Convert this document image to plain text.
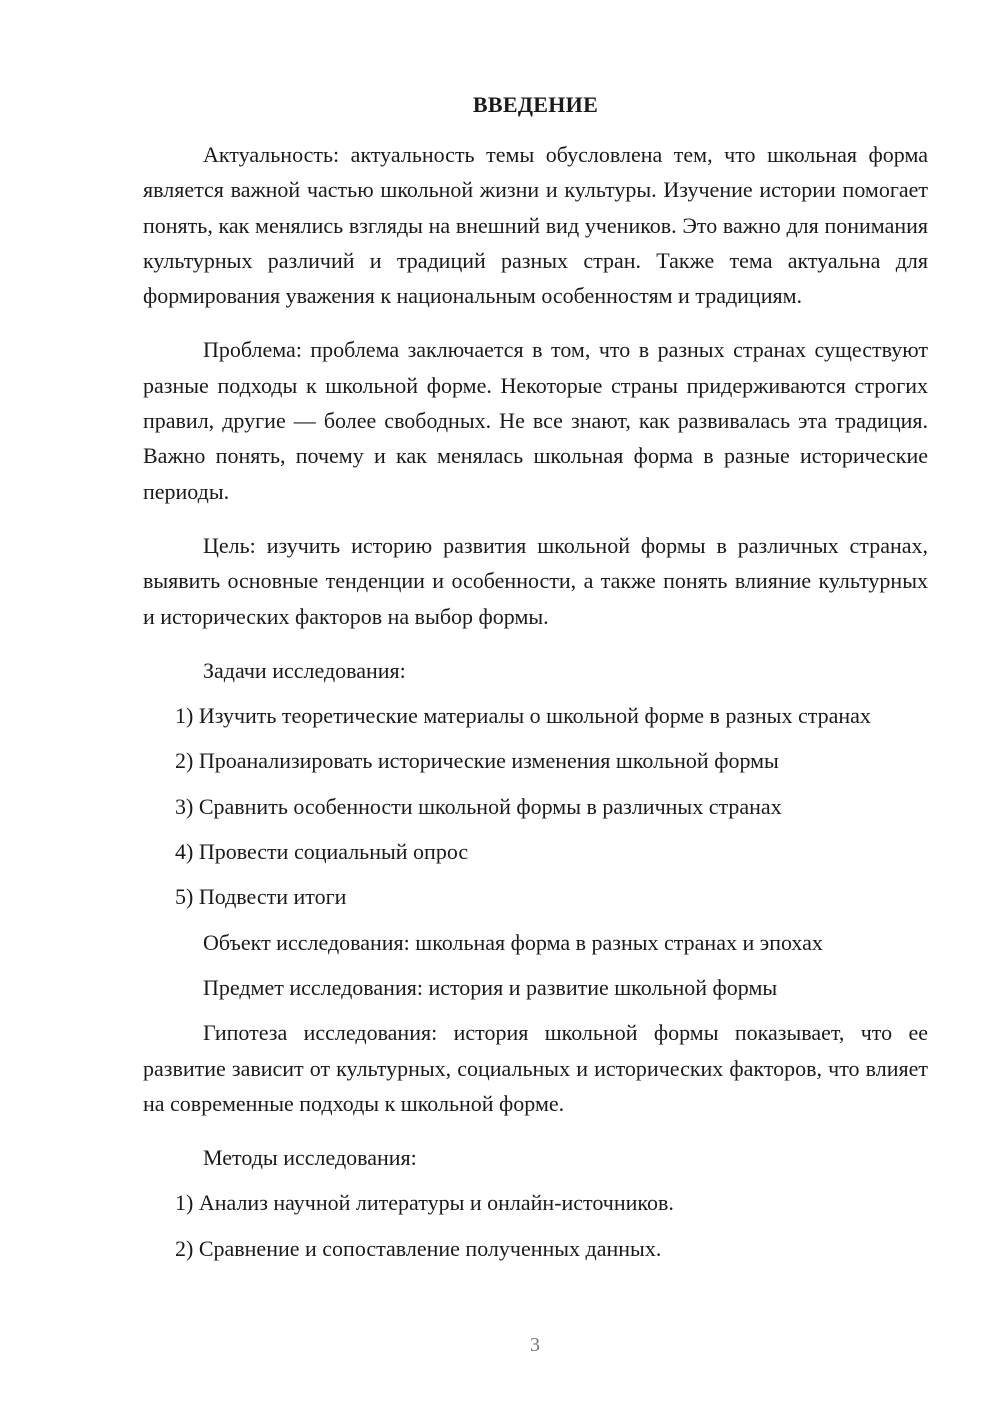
ВВЕДЕНИЕ

Актуальность: актуальность темы обусловлена тем, что школьная форма является важной частью школьной жизни и культуры. Изучение истории помогает понять, как менялись взгляды на внешний вид учеников. Это важно для понимания культурных различий и традиций разных стран. Также тема актуальна для формирования уважения к национальным особенностям и традициям.

Проблема: проблема заключается в том, что в разных странах существуют разные подходы к школьной форме. Некоторые страны придерживаются строгих правил, другие — более свободных. Не все знают, как развивалась эта традиция. Важно понять, почему и как менялась школьная форма в разные исторические периоды.

Цель: изучить историю развития школьной формы в различных странах, выявить основные тенденции и особенности, а также понять влияние культурных и исторических факторов на выбор формы.

Задачи исследования:
1) Изучить теоретические материалы о школьной форме в разных странах
2) Проанализировать исторические изменения школьной формы
3) Сравнить особенности школьной формы в различных странах
4) Провести социальный опрос
5) Подвести итоги
Объект исследования: школьная форма в разных странах и эпохах
Предмет исследования: история и развитие школьной формы

Гипотеза исследования: история школьной формы показывает, что ее развитие зависит от культурных, социальных и исторических факторов, что влияет на современные подходы к школьной форме.

Методы исследования:
1) Анализ научной литературы и онлайн-источников.
2) Сравнение и сопоставление полученных данных.
3
